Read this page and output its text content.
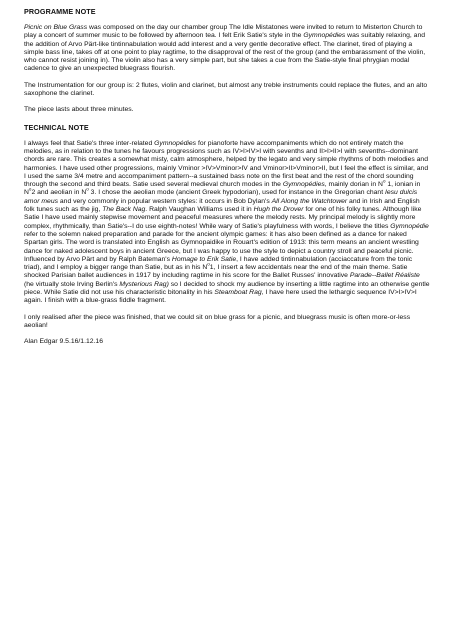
PROGRAMME NOTE

Picnic on Blue Grass was composed on the day our chamber group The Idle Mistatones were invited to return to Misterton Church to play a concert of summer music to be followed by afternoon tea. I felt Erik Satie's style in the Gymnopédies was suitably relaxing, and the addition of Arvo Pärt-like tintinnabulation would add interest and a very gentle decorative effect. The clarinet, tired of playing a simple bass line, takes off at one point to play ragtime, to the disapproval of the rest of the group (and the embarassment of the violin, who cannot resist joining in). The violin also has a very simple part, but she takes a cue from the Satie-style final phrygian modal cadence to give an unexpected bluegrass flourish.

The Instrumentation for our group is: 2 flutes, violin and clarinet, but almost any treble instruments could replace the flutes, and an alto saxophone the clarinet.

The piece lasts about three minutes.

TECHNICAL NOTE

I always feel that Satie's three inter-related Gymnopédies for pianoforte have accompaniments which do not entirely match the melodies, as in relation to the tunes he favours progressions such as IV>I>IV>I with sevenths and II>I>II>I with sevenths--dominant chords are rare. This creates a somewhat misty, calm atmosphere, helped by the legato and very simple rhythms of both melodies and harmonies. I have used other progressions, mainly Vminor >IV>Vminor>IV and Vminor>II>Vminor>II, but I feel the effect is similar, and I used the same 3/4 metre and accompaniment pattern--a sustained bass note on the first beat and the rest of the chord sounding through the second and third beats. Satie used several medieval church modes in the Gymnopédies, mainly dorian in $N^o$ 1, ionian in $N^o2$ and aeolian in $N^o$ 3. I chose the aeolian mode (ancient Greek hypodorian), used for instance in the Gregorian chant Iesu dulcis amor meus and very commonly in popular western styles: it occurs in Bob Dylan's All Along the Watchtower and in Irish and English folk tunes such as the jig, The Back Nag. Ralph Vaughan Williams used it in Hugh the Drover for one of his folky tunes. Although like Satie I have used mainly stepwise movement and peaceful measures where the melody rests. My principal melody is slightly more complex, rhythmically, than Satie's--I do use eighth-notes! While wary of Satie's playfulness with words, I believe the titles Gymnopédie refer to the solemn naked preparation and parade for the ancient olympic games: it has also been defined as a dance for naked Spartan girls. The word is translated into English as Gymnopaidike in Rouart's edition of 1913: this term means an ancient wrestling dance for naked adolescent boys in ancient Greece, but I was happy to use the style to depict a country stroll and peaceful picnic. Influenced by Arvo Pärt and by Ralph Bateman's Homage to Erik Satie, I have added tintinnabulation (acciaccature from the tonic triad), and I employ a bigger range than Satie, but as in his $N^o1$, I insert a few accidentals near the end of the main theme. Satie shocked Parisian ballet audiences in 1917 by including ragtime in his score for the Ballet Russes' innovative Parade--Ballet Réaliste (he virtually stole Irving Berlin's Mysterious Rag) so I decided to shock my audience by inserting a little ragtime into an otherwise gentle piece. While Satie did not use his characteristic bitonality in his Steamboat Rag, I have here used the lethargic sequence IV>I>IV>I again. I finish with a blue-grass fiddle fragment.

I only realised after the piece was finished, that we could sit on blue grass for a picnic, and bluegrass music is often more-or-less aeolian!

Alan Edgar 9.5.16/1.12.16
